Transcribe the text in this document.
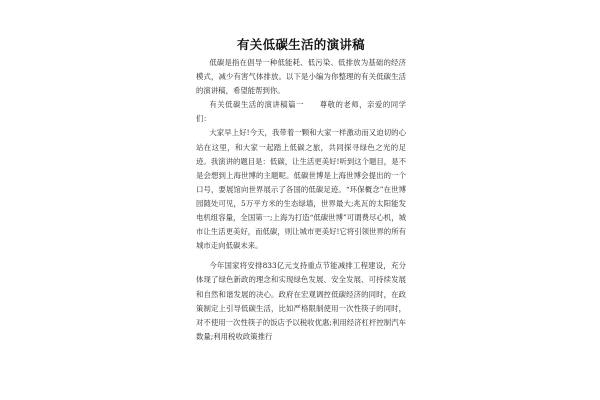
有关低碳生活的演讲稿

低碳是指在倡导一种低能耗、低污染、低排放为基础的经济模式，减少有害气体排放。以下是小编为你整理的有关低碳生活的演讲稿，希望能帮到你。

有关低碳生活的演讲稿篇一　　尊敬的老师，亲爱的同学们：

大家早上好!今天，我带着一颗和大家一样激动而又迫切的心站在这里，和大家一起踏上低碳之旅，共同探寻绿色之光的足迹。我演讲的题目是：低碳，让生活更美好!听到这个题目，是不是会想到上海世博的主题呢。低碳世博是上海世博会提出的一个口号，要展馆向世界展示了各国的低碳足迹。“环保概念”在世博园随处可见，5万平方米的生态绿墙，世界最大;兆瓦的太阳能发电机组容量，全国第一;上海为打造“低碳世博”可谓费尽心机，城市让生活更美好，而低碳，则让城市更美好!它将引领世界的所有城市走向低碳未来。

今年国家将安排833亿元支持重点节能减排工程建设，充分体现了绿色新政的理念和实现绿色发展、安全发展、可持续发展和自然和谐发展的决心。政府在宏观调控低碳经济的同时，在政策制定上引导低碳生活，比如严格限制使用一次性筷子的同时，对不使用一次性筷子的饭店予以税收优惠;利用经济杠杆控制汽车数量;利用税收政策推行
